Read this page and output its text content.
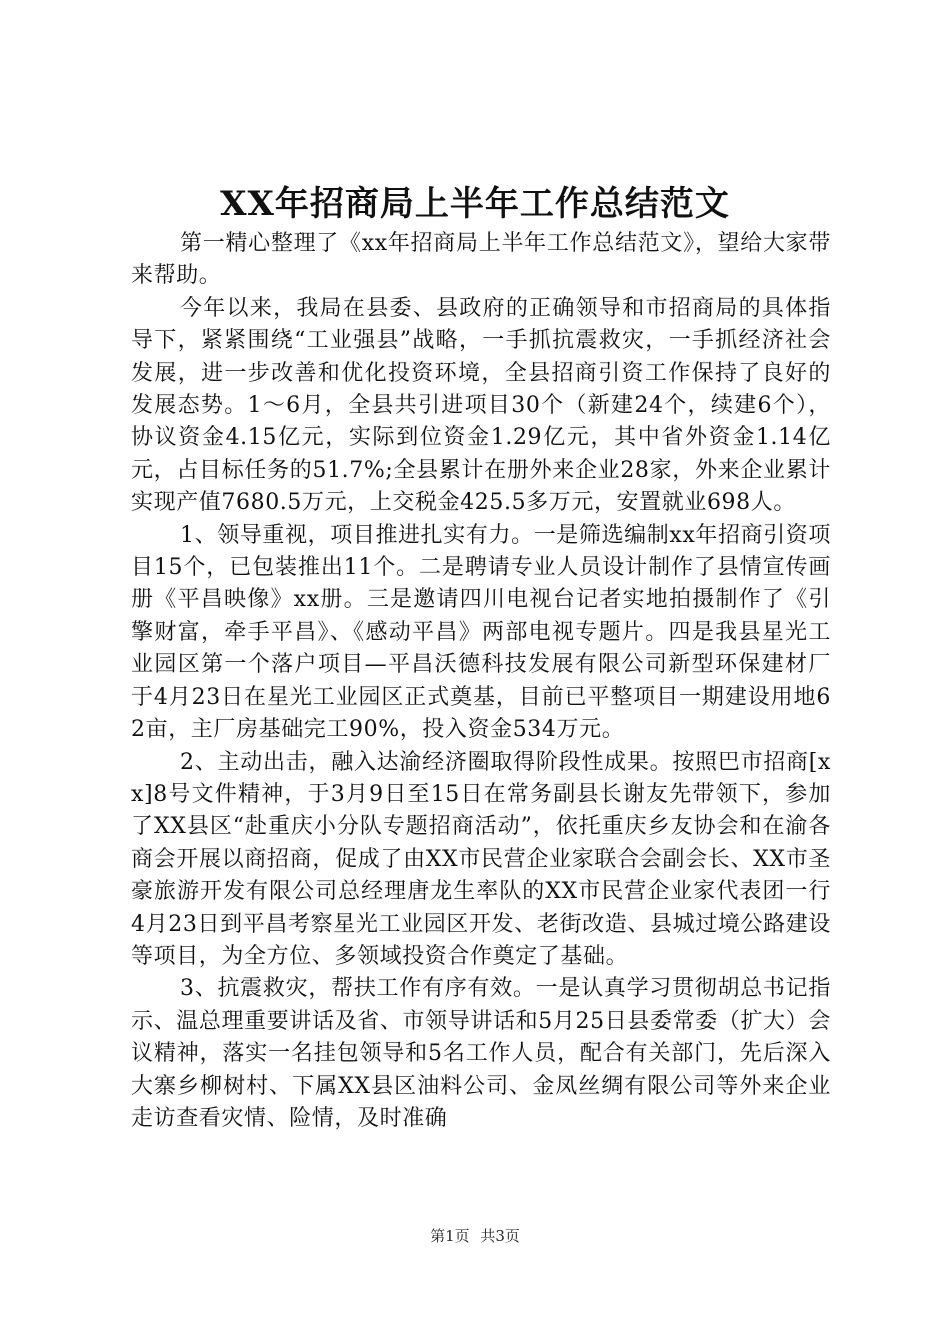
XX年招商局上半年工作总结范文

第一精心整理了《xx年招商局上半年工作总结范文》，望给大家带来帮助。

今年以来，我局在县委、县政府的正确领导和市招商局的具体指导下，紧紧围绕“工业强县”战略，一手抓抗震救灾，一手抓经济社会发展，进一步改善和优化投资环境，全县招商引资工作保持了良好的发展态势。1～6月，全县共引进项目30个（新建24个，续建6个），协议资金4.15亿元，实际到位资金1.29亿元，其中省外资金1.14亿元，占目标任务的51.7%;全县累计在册外来企业28家，外来企业累计实现产值7680.5万元，上交税金425.5多万元，安置就业698人。

1、领导重视，项目推进扎实有力。一是筛选编制xx年招商引资项目15个，已包装推出11个。二是聘请专业人员设计制作了县情宣传画册《平昌映像》xx册。三是邀请四川电视台记者实地拍摄制作了《引擎财富，牵手平昌》、《感动平昌》两部电视专题片。四是我县星光工业园区第一个落户项目—平昌沃德科技发展有限公司新型环保建材厂于4月23日在星光工业园区正式奠基，目前已平整项目一期建设用地62亩，主厂房基础完工90%，投入资金534万元。

2、主动出击，融入达渝经济圈取得阶段性成果。按照巴市招商[xx]8号文件精神，于3月9日至15日在常务副县长谢友先带领下，参加了XX县区“赴重庆小分队专题招商活动”，依托重庆乡友协会和在渝各商会开展以商招商，促成了由XX市民营企业家联合会副会长、XX市圣豪旅游开发有限公司总经理唐龙生率队的XX市民营企业家代表团一行4月23日到平昌考察星光工业园区开发、老街改造、县城过境公路建设等项目，为全方位、多领域投资合作奠定了基础。

3、抗震救灾，帮扶工作有序有效。一是认真学习贯彻胡总书记指示、温总理重要讲话及省、市领导讲话和5月25日县委常委（扩大）会议精神，落实一名挂包领导和5名工作人员，配合有关部门，先后深入大寨乡柳树村、下属XX县区油料公司、金凤丝绸有限公司等外来企业走访查看灾情、险情，及时准确

第1页 共3页
